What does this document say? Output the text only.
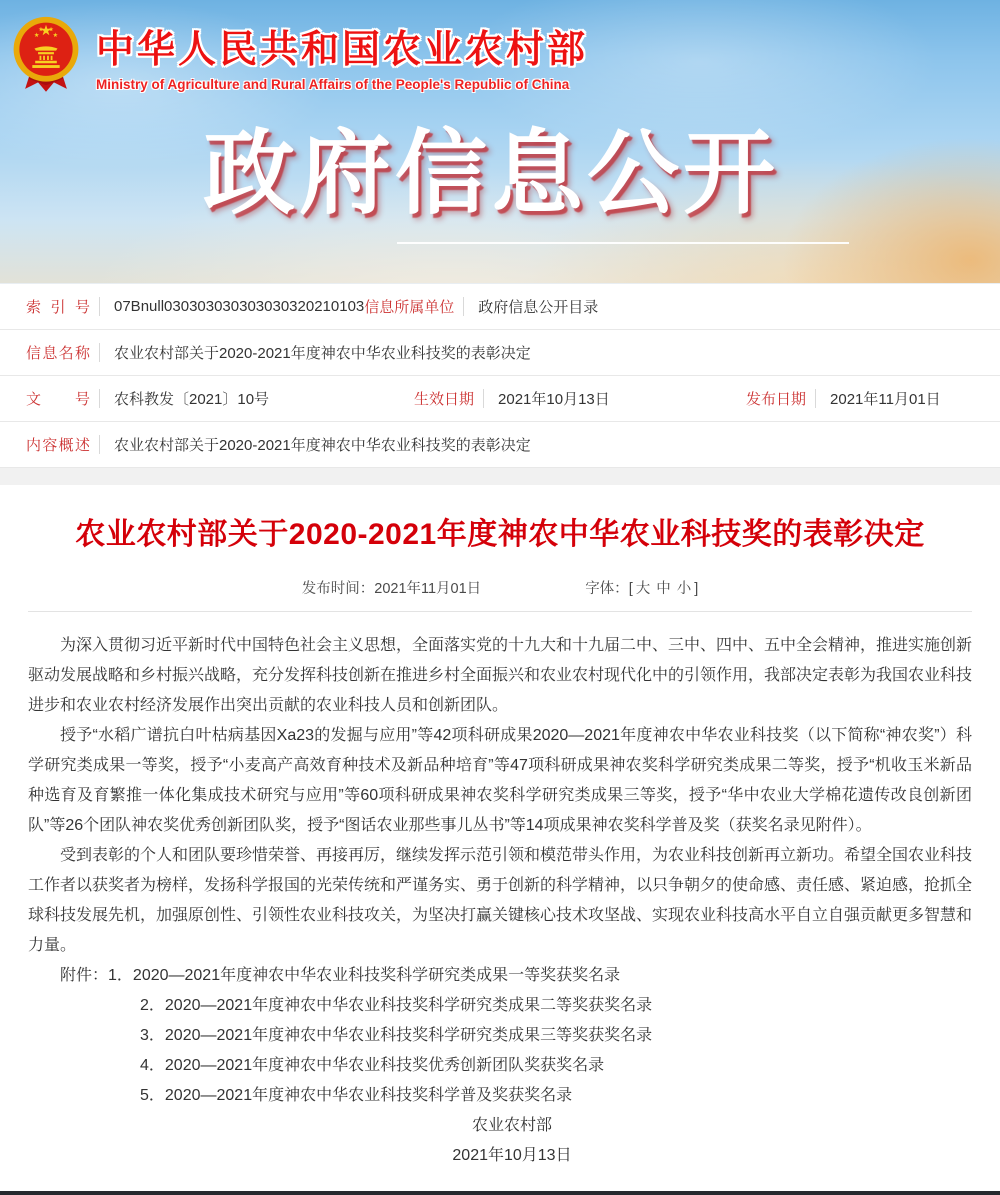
中华人民共和国农业农村部
Ministry of Agriculture and Rural Affairs of the People's Republic of China
政府信息公开
索引号 07Bnull030303030303030320210103 信息所属单位 政府信息公开目录
信息名称 农业农村部关于2020-2021年度神农中华农业科技奖的表彰决定
文号 农科教发〔2021〕10号	生效日期 2021年10月13日	发布日期 2021年11月01日
内容概述 农业农村部关于2020-2021年度神农中华农业科技奖的表彰决定
农业农村部关于2020-2021年度神农中华农业科技奖的表彰决定
发布时间：2021年11月01日	字体：[ 大 中 小 ]

为深入贯彻习近平新时代中国特色社会主义思想，全面落实党的十九大和十九届二中、三中、四中、五中全会精神，推进实施创新驱动发展战略和乡村振兴战略，充分发挥科技创新在推进乡村全面振兴和农业农村现代化中的引领作用，我部决定表彰为我国农业科技进步和农业农村经济发展作出突出贡献的农业科技人员和创新团队。

授予“水稻广谱抗白叶枯病基因Xa23的发掘与应用”等42项科研成果2020—2021年度神农中华农业科技奖（以下简称“神农奖”）科学研究类成果一等奖，授予“小麦高产高效育种技术及新品种培育”等47项科研成果神农奖科学研究类成果二等奖，授予“机收玉米新品种选育及育繁推一体化集成技术研究与应用”等60项科研成果神农奖科学研究类成果三等奖，授予“华中农业大学棉花遗传改良创新团队”等26个团队神农奖优秀创新团队奖，授予“图话农业那些事儿丛书”等14项成果神农奖科学普及奖（获奖名录见附件）。

受到表彰的个人和团队要珍惜荣誉、再接再厉，继续发挥示范引领和模范带头作用，为农业科技创新再立新功。希望全国农业科技工作者以获奖者为榜样，发扬科学报国的光荣传统和严谨务实、勇于创新的科学精神，以只争朝夕的使命感、责任感、紧迫感，抢抓全球科技发展先机，加强原创性、引领性农业科技攻关，为坚决打赢关键核心技术攻坚战、实现农业科技高水平自立自强贡献更多智慧和力量。

附件：1．2020—2021年度神农中华农业科技奖科学研究类成果一等奖获奖名录

2．2020—2021年度神农中华农业科技奖科学研究类成果二等奖获奖名录

3．2020—2021年度神农中华农业科技奖科学研究类成果三等奖获奖名录

4．2020—2021年度神农中华农业科技奖优秀创新团队奖获奖名录

5．2020—2021年度神农中华农业科技奖科学普及奖获奖名录

农业农村部

2021年10月13日
